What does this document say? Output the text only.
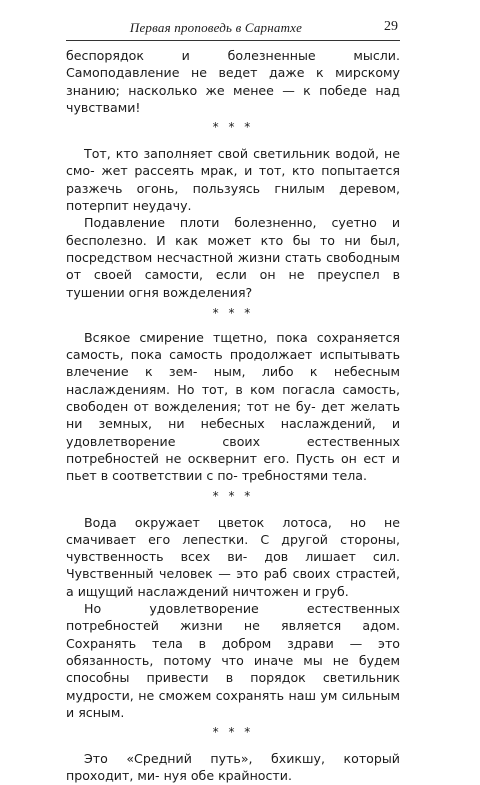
Первая проповедь в Сарнатхе	29

беспорядок и болезненные мысли. Самоподавление не ведет даже к мирскому знанию; насколько же менее — к победе над чувствами!

* * *

Тот, кто заполняет свой светильник водой, не смо- жет рассеять мрак, и тот, кто попытается разжечь огонь, пользуясь гнилым деревом, потерпит неудачу.

Подавление плоти болезненно, суетно и бесполезно. И как может кто бы то ни был, посредством несчастной жизни стать свободным от своей самости, если он не преуспел в тушении огня вожделения?

* * *

Всякое смирение тщетно, пока сохраняется самость, пока самость продолжает испытывать влечение к зем- ным, либо к небесным наслаждениям. Но тот, в ком погасла самость, свободен от вожделения; тот не бу- дет желать ни земных, ни небесных наслаждений, и удовлетворение своих естественных потребностей не осквернит его. Пусть он ест и пьет в соответствии с по- требностями тела.

* * *

Вода окружает цветок лотоса, но не смачивает его лепестки. С другой стороны, чувственность всех ви- дов лишает сил. Чувственный человек — это раб своих страстей, а ищущий наслаждений ничтожен и груб.

Но удовлетворение естественных потребностей жизни не является адом. Сохранять тела в добром здрави — это обязанность, потому что иначе мы не будем способны привести в порядок светильник мудрости, не сможем сохранять наш ум сильным и ясным.

* * *

Это «Средний путь», бхикшу, который проходит, ми- нуя обе крайности.
